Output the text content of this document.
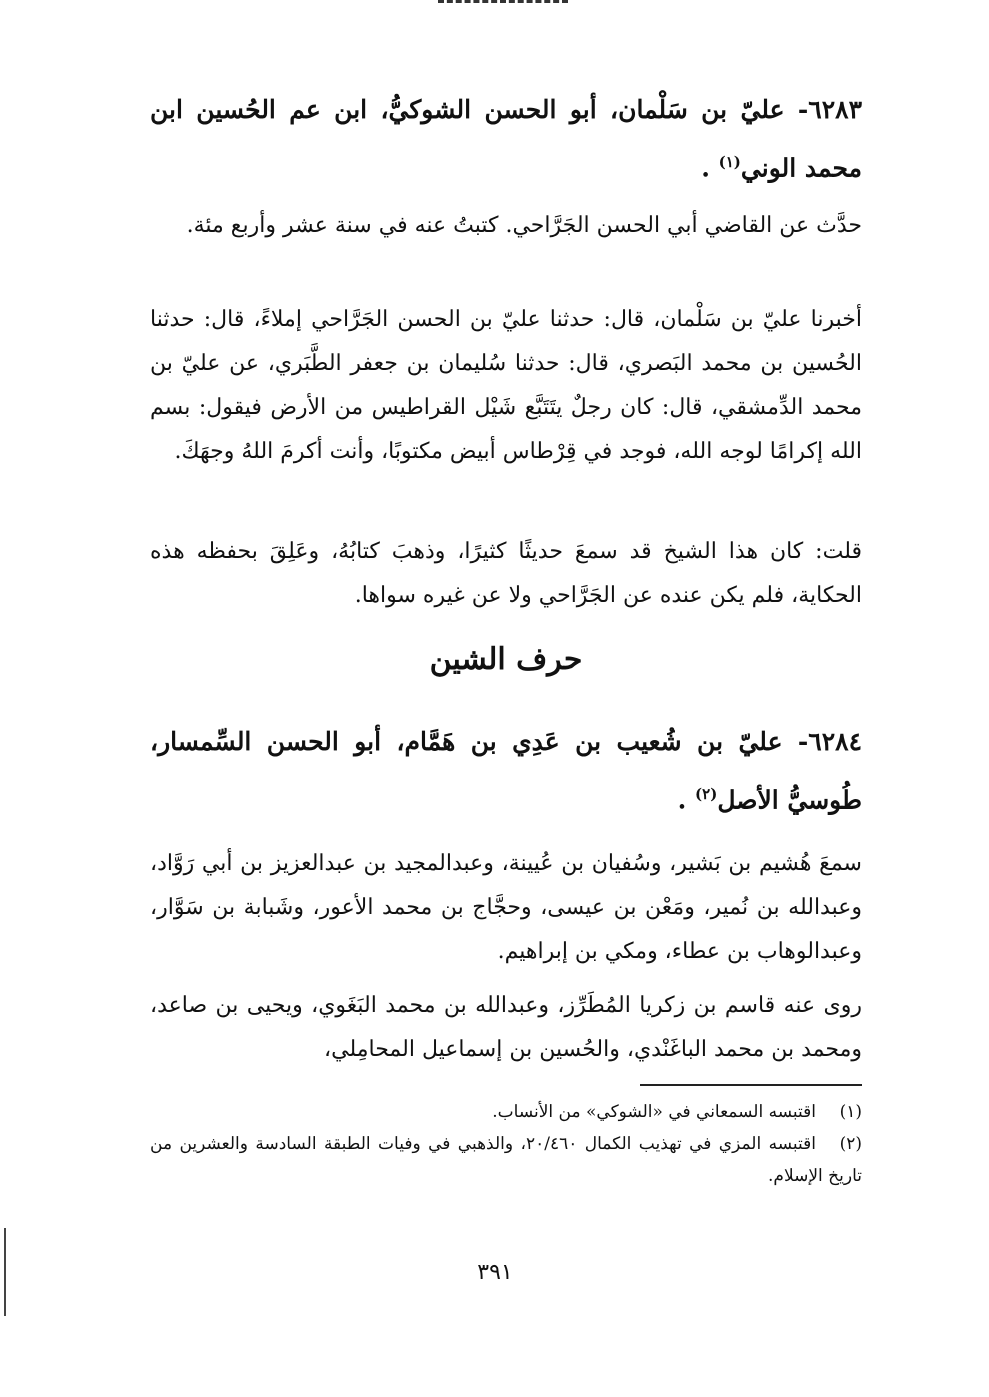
٦٢٨٣- عليّ بن سَلْمان، أبو الحسن الشوكيُّ، ابن عم الحُسين ابن محمد الوني$^{(١)}$ .

حدَّث عن القاضي أبي الحسن الجَرَّاحي. كتبتُ عنه في سنة عشر وأربع مئة.

أخبرنا عليّ بن سَلْمان، قال: حدثنا عليّ بن الحسن الجَرَّاحي إملاءً، قال: حدثنا الحُسين بن محمد البَصري، قال: حدثنا سُليمان بن جعفر الطَّبَري، عن عليّ بن محمد الدِّمشقي، قال: كان رجلٌ يتَتَبَّع شَيْل القراطيس من الأرض فيقول: بسم الله إكرامًا لوجه الله، فوجد في قِرْطاس أبيض مكتوبًا، وأنت أكرمَ اللهُ وجهَكَ.

قلت: كان هذا الشيخ قد سمعَ حديثًا كثيرًا، وذهبَ كتابُهُ، وعَلِقَ بحفظه هذه الحكاية، فلم يكن عنده عن الجَرَّاحي ولا عن غيره سواها.

حرف الشين

٦٢٨٤- عليّ بن شُعيب بن عَدِي بن هَمَّام، أبو الحسن السِّمسار، طُوسيُّ الأصل$^{(٢)}$ .

سمعَ هُشيم بن بَشير، وسُفيان بن عُيينة، وعبدالمجيد بن عبدالعزيز بن أبي رَوَّاد، وعبدالله بن نُمير، ومَعْن بن عيسى، وحجَّاج بن محمد الأعور، وشَبابة بن سَوَّار، وعبدالوهاب بن عطاء، ومكي بن إبراهيم.

روى عنه قاسم بن زكريا المُطَرِّز، وعبدالله بن محمد البَغَوي، ويحيى بن صاعد، ومحمد بن محمد الباغَنْدي، والحُسين بن إسماعيل المحامِلي،

(١)اقتبسه السمعاني في «الشوكي» من الأنساب.

(٢)اقتبسه المزي في تهذيب الكمال ٢٠/٤٦٠، والذهبي في وفيات الطبقة السادسة والعشرين من تاريخ الإسلام.

٣٩١
